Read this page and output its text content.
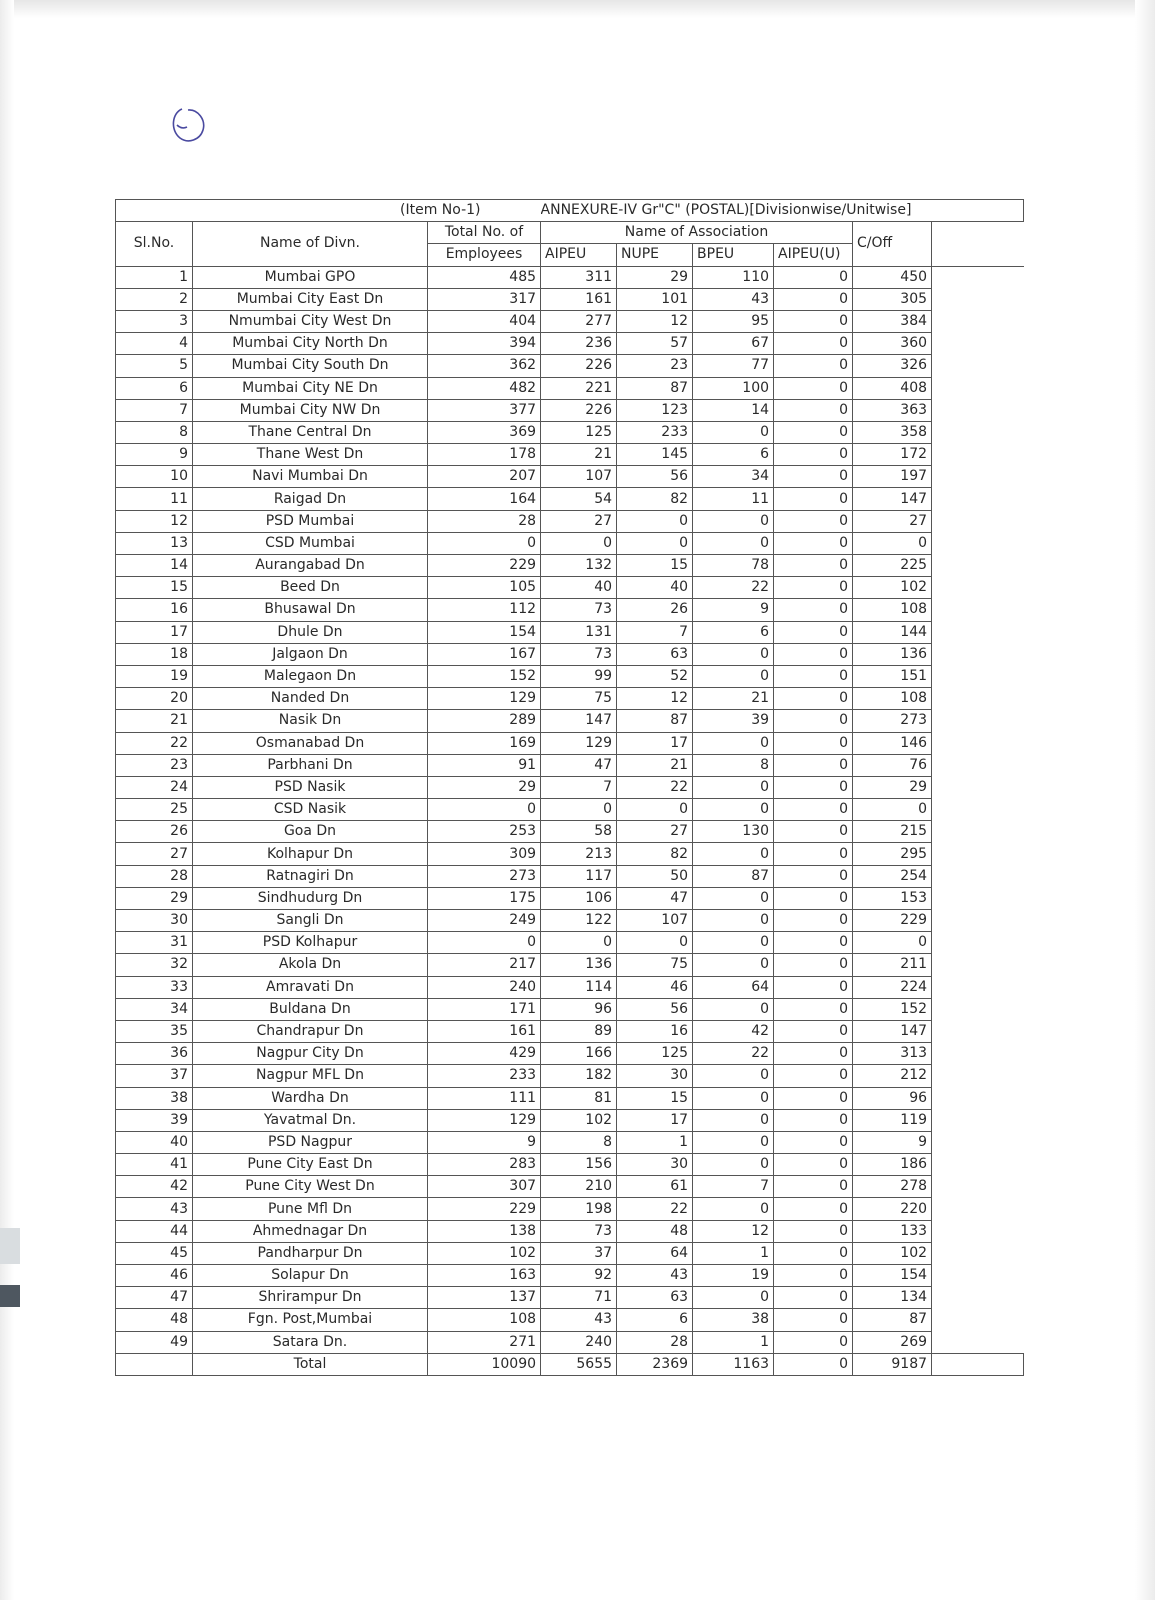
(Item No-1)			ANNEXURE-IV Gr"C" (POSTAL)[Divisionwise/Unitwise]					
Sl.No.	Name of Divn.	Total No. of	Name of Association				C/Off	
		Employees	AIPEU	NUPE	BPEU	AIPEU(U)		
1	Mumbai GPO	485	311	29	110	0	450	
2	Mumbai City East Dn	317	161	101	43	0	305	
3	Nmumbai City West Dn	404	277	12	95	0	384	
4	Mumbai City North Dn	394	236	57	67	0	360	
5	Mumbai City South Dn	362	226	23	77	0	326	
6	Mumbai City NE Dn	482	221	87	100	0	408	
7	Mumbai City NW Dn	377	226	123	14	0	363	
8	Thane Central Dn	369	125	233	0	0	358	
9	Thane West Dn	178	21	145	6	0	172	
10	Navi Mumbai Dn	207	107	56	34	0	197	
11	Raigad Dn	164	54	82	11	0	147	
12	PSD Mumbai	28	27	0	0	0	27	
13	CSD Mumbai	0	0	0	0	0	0	
14	Aurangabad Dn	229	132	15	78	0	225	
15	Beed Dn	105	40	40	22	0	102	
16	Bhusawal Dn	112	73	26	9	0	108	
17	Dhule Dn	154	131	7	6	0	144	
18	Jalgaon Dn	167	73	63	0	0	136	
19	Malegaon Dn	152	99	52	0	0	151	
20	Nanded Dn	129	75	12	21	0	108	
21	Nasik Dn	289	147	87	39	0	273	
22	Osmanabad Dn	169	129	17	0	0	146	
23	Parbhani Dn	91	47	21	8	0	76	
24	PSD Nasik	29	7	22	0	0	29	
25	CSD Nasik	0	0	0	0	0	0	
26	Goa Dn	253	58	27	130	0	215	
27	Kolhapur Dn	309	213	82	0	0	295	
28	Ratnagiri Dn	273	117	50	87	0	254	
29	Sindhudurg Dn	175	106	47	0	0	153	
30	Sangli Dn	249	122	107	0	0	229	
31	PSD Kolhapur	0	0	0	0	0	0	
32	Akola Dn	217	136	75	0	0	211	
33	Amravati Dn	240	114	46	64	0	224	
34	Buldana Dn	171	96	56	0	0	152	
35	Chandrapur Dn	161	89	16	42	0	147	
36	Nagpur City Dn	429	166	125	22	0	313	
37	Nagpur MFL Dn	233	182	30	0	0	212	
38	Wardha Dn	111	81	15	0	0	96	
39	Yavatmal Dn.	129	102	17	0	0	119	
40	PSD Nagpur	9	8	1	0	0	9	
41	Pune City East Dn	283	156	30	0	0	186	
42	Pune City West Dn	307	210	61	7	0	278	
43	Pune Mfl Dn	229	198	22	0	0	220	
44	Ahmednagar Dn	138	73	48	12	0	133	
45	Pandharpur Dn	102	37	64	1	0	102	
46	Solapur Dn	163	92	43	19	0	154	
47	Shrirampur Dn	137	71	63	0	0	134	
48	Fgn. Post,Mumbai	108	43	6	38	0	87	
49	Satara Dn.	271	240	28	1	0	269	
	Total	10090	5655	2369	1163	0	9187	
